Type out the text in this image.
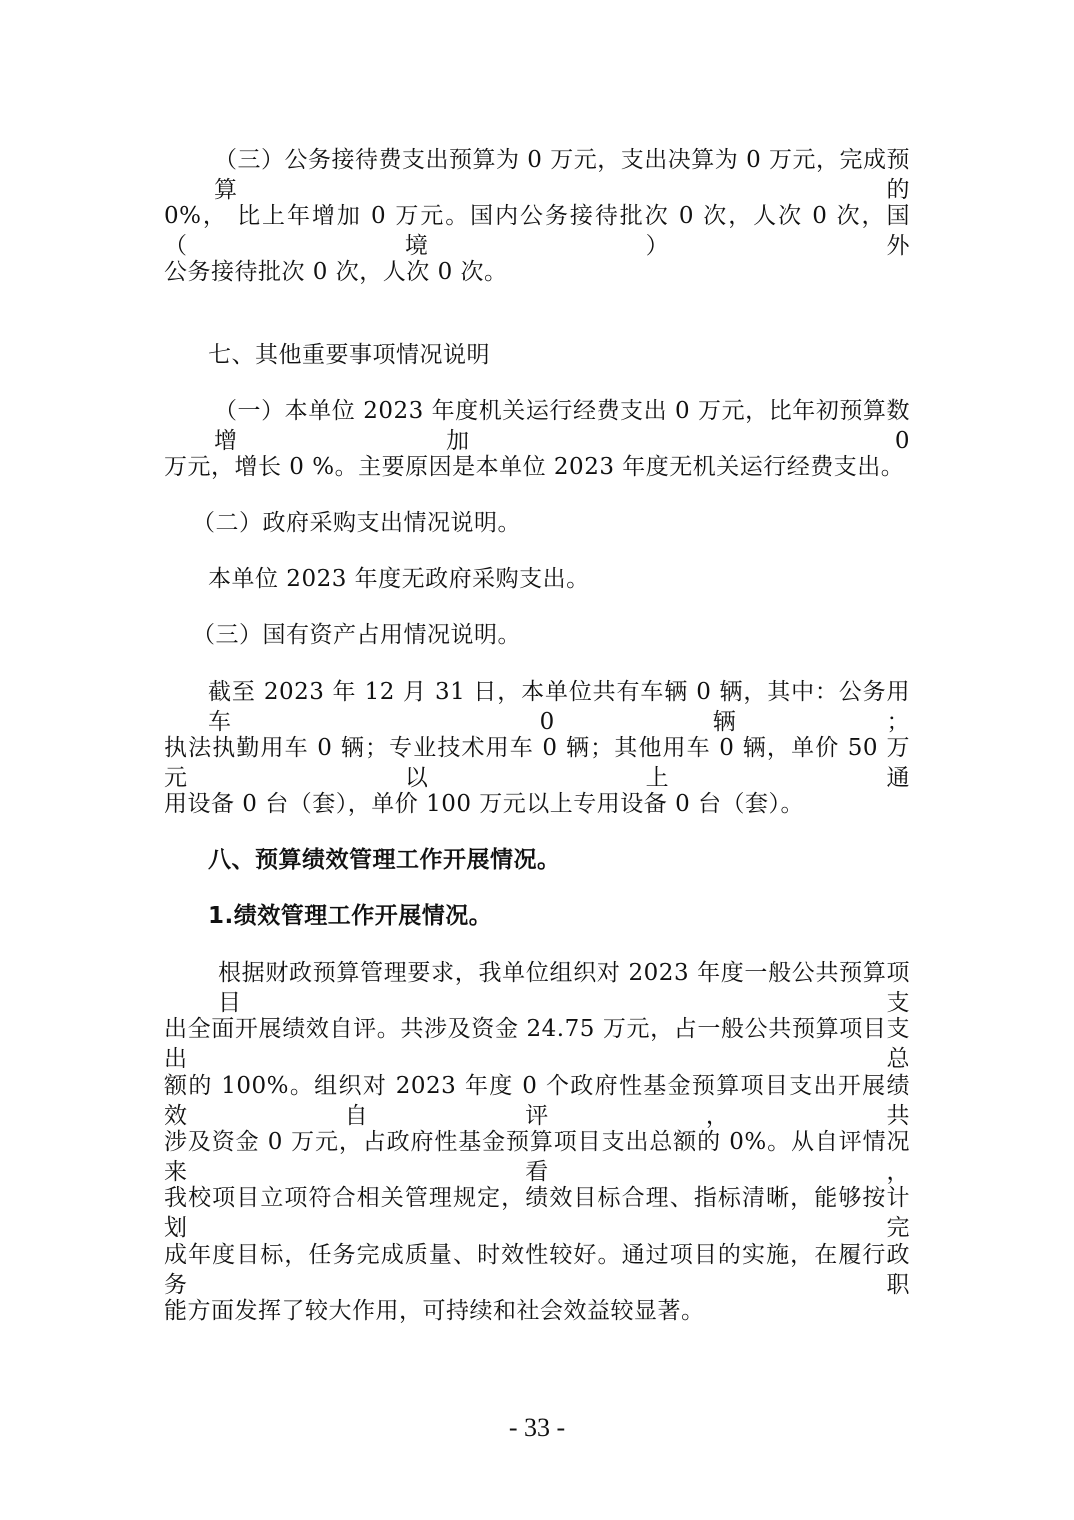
（三）公务接待费支出预算为 0 万元，支出决算为 0 万元，完成预算的
0%， 比上年增加 0 万元。国内公务接待批次 0 次，人次 0 次，国（境）外
公务接待批次 0 次，人次 0 次。
七、其他重要事项情况说明
（一）本单位 2023 年度机关运行经费支出 0 万元，比年初预算数增加 0
万元，增长 0 %。主要原因是本单位 2023 年度无机关运行经费支出。
（二）政府采购支出情况说明。
本单位 2023 年度无政府采购支出。
（三）国有资产占用情况说明。
截至 2023 年 12 月 31 日，本单位共有车辆 0 辆，其中：公务用车 0 辆；
执法执勤用车 0 辆；专业技术用车 0 辆；其他用车 0 辆，单价 50 万元以上通
用设备 0 台（套），单价 100 万元以上专用设备 0 台（套）。
八、预算绩效管理工作开展情况。
1.绩效管理工作开展情况。
根据财政预算管理要求，我单位组织对 2023 年度一般公共预算项目支
出全面开展绩效自评。共涉及资金 24.75 万元，占一般公共预算项目支出总
额的 100%。组织对 2023 年度 0 个政府性基金预算项目支出开展绩效自评，共
涉及资金 0 万元，占政府性基金预算项目支出总额的 0%。从自评情况来看，
我校项目立项符合相关管理规定，绩效目标合理、指标清晰，能够按计划完
成年度目标，任务完成质量、时效性较好。通过项目的实施，在履行政务职
能方面发挥了较大作用，可持续和社会效益较显著。
- 33 -
